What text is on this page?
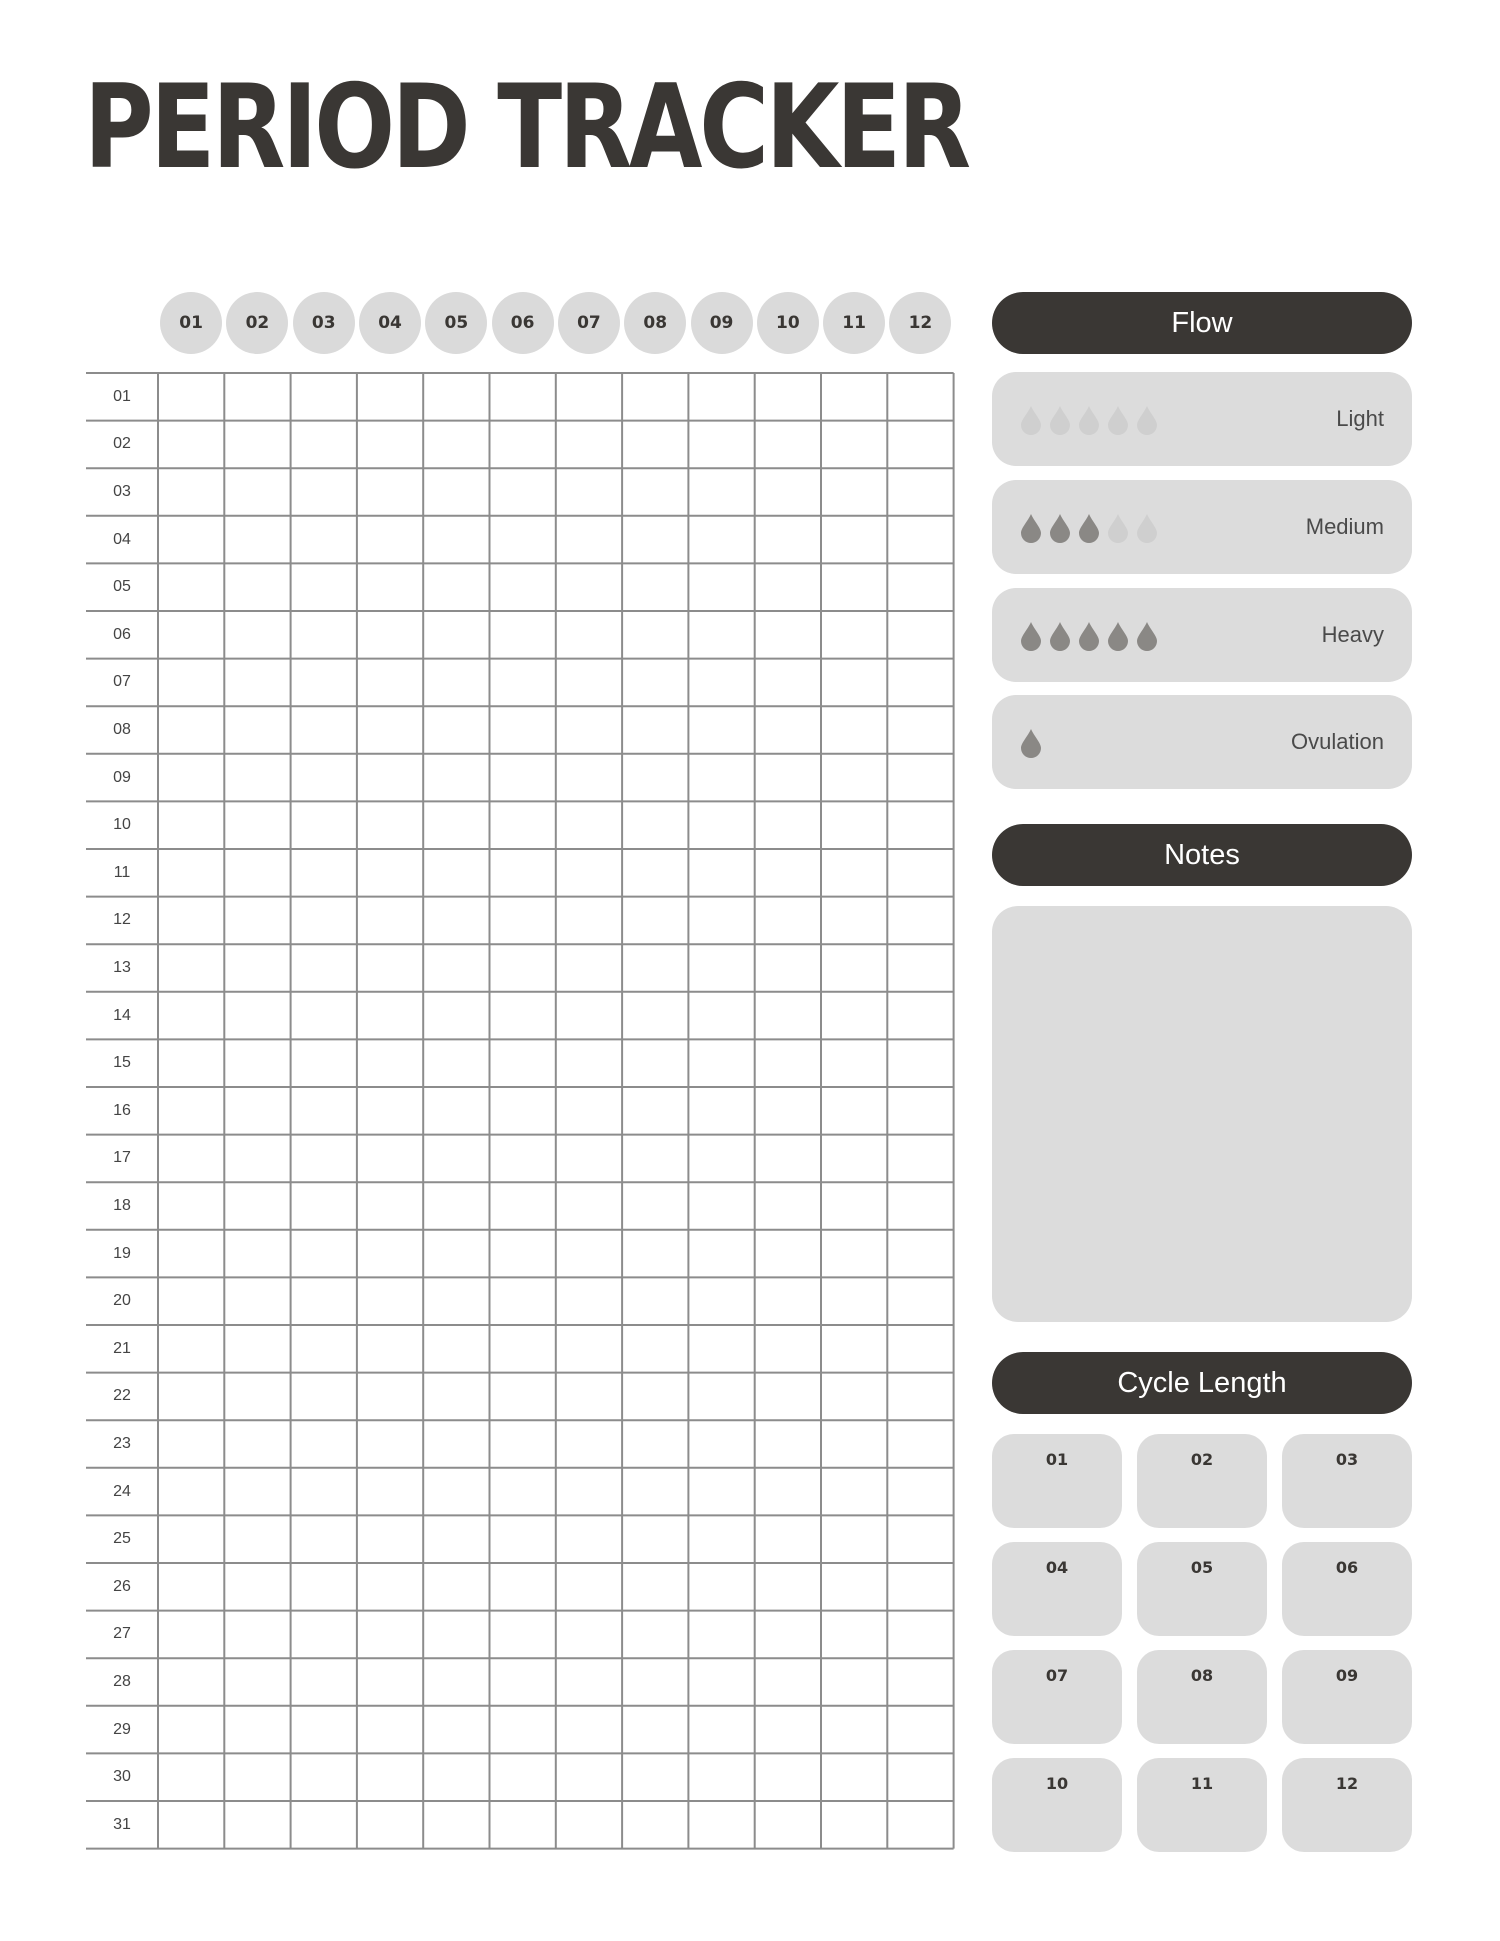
PERIOD TRACKER
01	02	03	04	05	06	07	08	09	10	11	12
01
02
03
04
05
06
07
08
09
10
11
12
13
14
15
16
17
18
19
20
21
22
23
24
25
26
27
28
29
30
31
Flow
Light
Medium
Heavy
Ovulation
Notes
Cycle Length
01	02	03
04	05	06
07	08	09
10	11	12
